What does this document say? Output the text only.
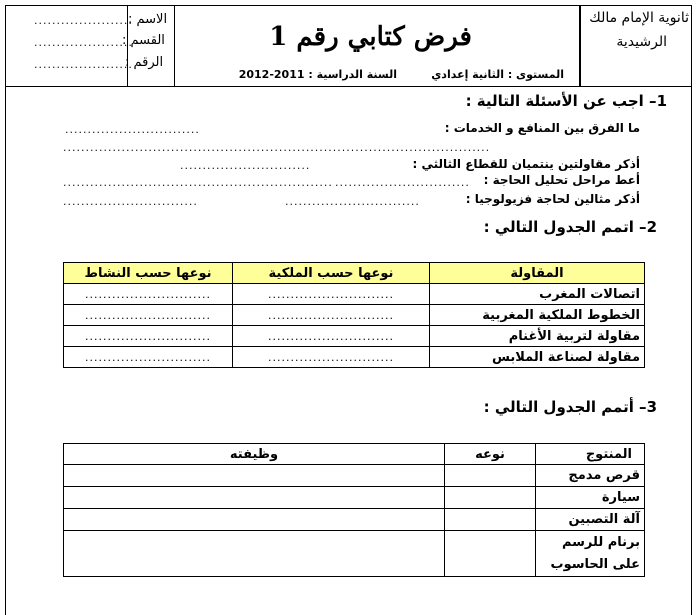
ثانوية الإمام مالك
الرشيدية
فرض كتابي رقم 1
المستوى : الثانية إعدادي
السنة الدراسية : 2011-2012
الاسم :
......................
القسم :
......................
الرقم :
......................
1– اجب عن الأسئلة التالية :
ما الفرق بين المنافع و الخدمات :
..............................
...............................................................................................
أذكر مقاولتين ينتميان للقطاع الثالثي :
.............................
أعط مراحل تحليل الحاجة :
..............................
..............................
..............................
أذكر مثالين لحاجة فزيولوجيا :
..............................
..............................
2– اتمم الجدول التالي :
المقاولة	نوعها حسب الملكية	نوعها حسب النشاط
اتصالات المغرب	............................	............................
الخطوط الملكية المغربية	............................	............................
مقاولة لتربية الأغنام	............................	............................
مقاولة لصناعة الملابس	............................	............................
3– أتمم الجدول التالي :
المنتوج	نوعه	وظيفته
قرص مدمج		
سيارة		
آلة التصبين		
برنام للرسم على الحاسوب		
